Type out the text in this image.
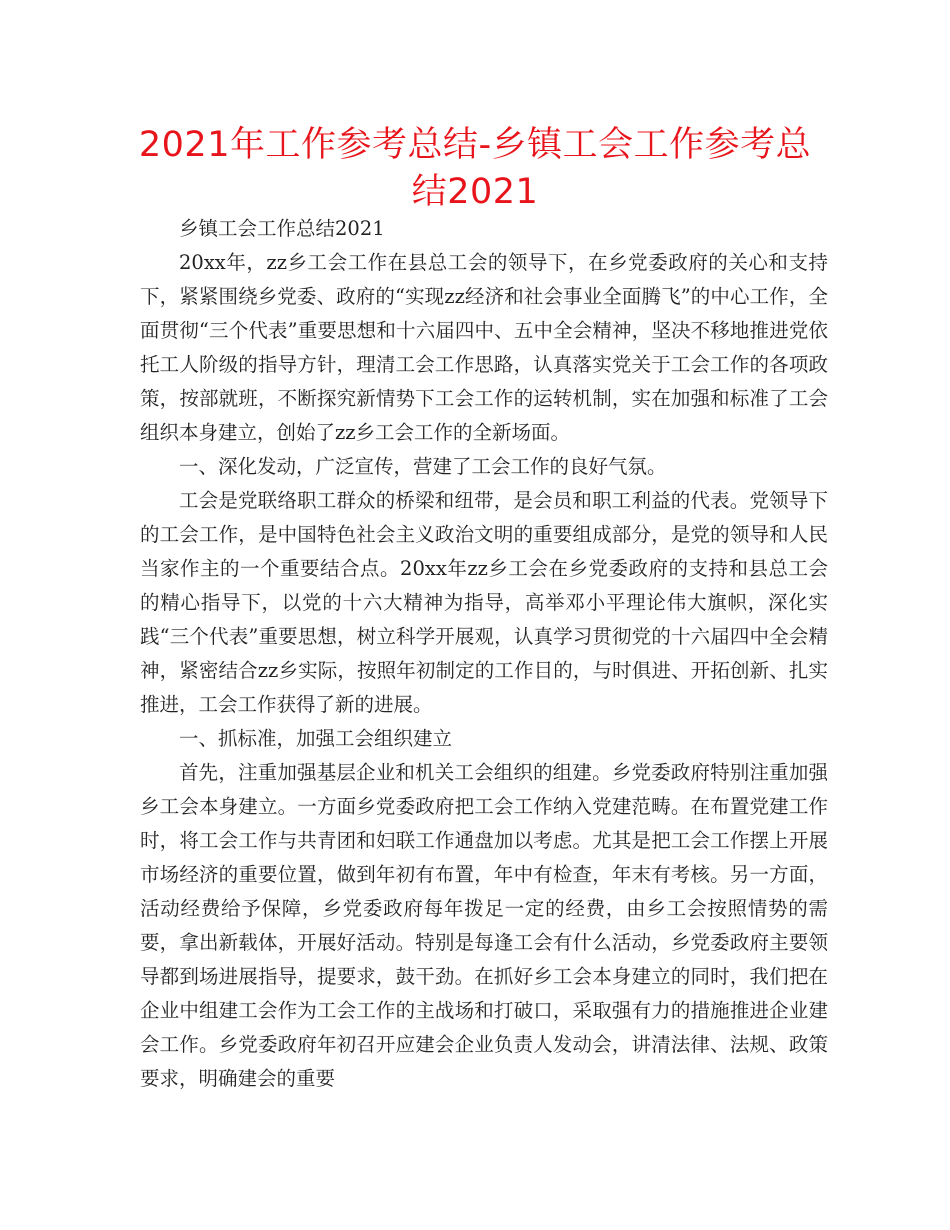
2021年工作参考总结-乡镇工会工作参考总结2021

乡镇工会工作总结2021

20xx年，zz乡工会工作在县总工会的领导下，在乡党委政府的关心和支持下，紧紧围绕乡党委、政府的“实现zz经济和社会事业全面腾飞”的中心工作，全面贯彻“三个代表”重要思想和十六届四中、五中全会精神，坚决不移地推进党依托工人阶级的指导方针，理清工会工作思路，认真落实党关于工会工作的各项政策，按部就班，不断探究新情势下工会工作的运转机制，实在加强和标准了工会组织本身建立，创始了zz乡工会工作的全新场面。

一、深化发动，广泛宣传，营建了工会工作的良好气氛。

工会是党联络职工群众的桥梁和纽带，是会员和职工利益的代表。党领导下的工会工作，是中国特色社会主义政治文明的重要组成部分，是党的领导和人民当家作主的一个重要结合点。20xx年zz乡工会在乡党委政府的支持和县总工会的精心指导下，以党的十六大精神为指导，高举邓小平理论伟大旗帜，深化实践“三个代表”重要思想，树立科学开展观，认真学习贯彻党的十六届四中全会精神，紧密结合zz乡实际，按照年初制定的工作目的，与时俱进、开拓创新、扎实推进，工会工作获得了新的进展。

一、抓标准，加强工会组织建立

首先，注重加强基层企业和机关工会组织的组建。乡党委政府特别注重加强乡工会本身建立。一方面乡党委政府把工会工作纳入党建范畴。在布置党建工作时，将工会工作与共青团和妇联工作通盘加以考虑。尤其是把工会工作摆上开展市场经济的重要位置，做到年初有布置，年中有检查，年末有考核。另一方面，活动经费给予保障，乡党委政府每年拨足一定的经费，由乡工会按照情势的需要，拿出新载体，开展好活动。特别是每逢工会有什么活动，乡党委政府主要领导都到场进展指导，提要求，鼓干劲。在抓好乡工会本身建立的同时，我们把在企业中组建工会作为工会工作的主战场和打破口，采取强有力的措施推进企业建会工作。乡党委政府年初召开应建会企业负责人发动会，讲清法律、法规、政策要求，明确建会的重要
